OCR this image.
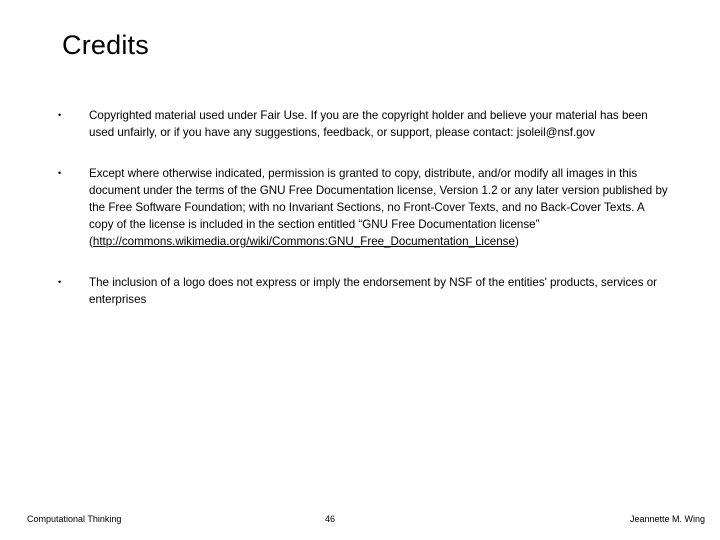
Credits
• Copyrighted material used under Fair Use. If you are the copyright holder and believe your material has been used unfairly, or if you have any suggestions, feedback, or support, please contact: jsoleil@nsf.gov
• Except where otherwise indicated, permission is granted to copy, distribute, and/or modify all images in this document under the terms of the GNU Free Documentation license, Version 1.2 or any later version published by the Free Software Foundation; with no Invariant Sections, no Front-Cover Texts, and no Back-Cover Texts. A copy of the license is included in the section entitled “GNU Free Documentation license” (http://commons.wikimedia.org/wiki/Commons:GNU_Free_Documentation_License)
• The inclusion of a logo does not express or imply the endorsement by NSF of the entities' products, services or enterprises
Computational Thinking	46	Jeannette M. Wing
